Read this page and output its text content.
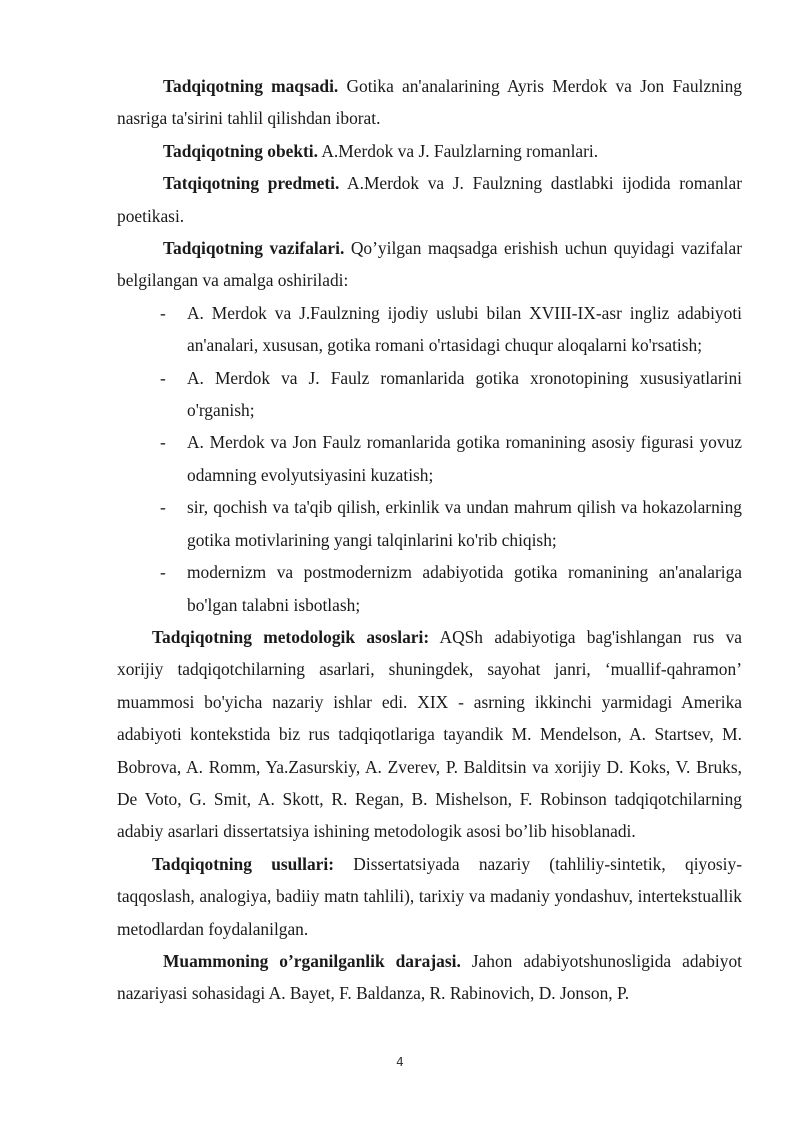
Tadqiqotning maqsadi. Gotika an'analarining Ayris Merdok va Jon Faulzning nasriga ta'sirini tahlil qilishdan iborat.

Tadqiqotning obekti. A.Merdok va J. Faulzlarning romanlari.

Tatqiqotning predmeti. A.Merdok va J. Faulzning dastlabki ijodida romanlar poetikasi.

Tadqiqotning vazifalari. Qo’yilgan maqsadga erishish uchun quyidagi vazifalar belgilangan va amalga oshiriladi:

- A. Merdok va J.Faulzning ijodiy uslubi bilan XVIII-IX-asr ingliz adabiyoti an'analari, xususan, gotika romani o'rtasidagi chuqur aloqalarni ko'rsatish;
- A. Merdok va J. Faulz romanlarida gotika xronotopining xususiyatlarini o'rganish;
- A. Merdok va Jon Faulz romanlarida gotika romanining asosiy figurasi yovuz odamning evolyutsiyasini kuzatish;
- sir, qochish va ta'qib qilish, erkinlik va undan mahrum qilish va hokazolarning gotika motivlarining yangi talqinlarini ko'rib chiqish;
- modernizm va postmodernizm adabiyotida gotika romanining an'analariga bo'lgan talabni isbotlash;

Tadqiqotning metodologik asoslari: AQSh adabiyotiga bag'ishlangan rus va xorijiy tadqiqotchilarning asarlari, shuningdek, sayohat janri, ‘muallif-qahramon’ muammosi bo'yicha nazariy ishlar edi. XIX - asrning ikkinchi yarmidagi Amerika adabiyoti kontekstida biz rus tadqiqotlariga tayandik M. Mendelson, A. Startsev, M. Bobrova, A. Romm, Ya.Zasurskiy, A. Zverev, P. Balditsin va xorijiy D. Koks, V. Bruks, De Voto, G. Smit, A. Skott, R. Regan, B. Mishelson, F. Robinson tadqiqotchilarning adabiy asarlari dissertatsiya ishining metodologik asosi bo’lib hisoblanadi.

Tadqiqotning usullari: Dissertatsiyada nazariy (tahliliy-sintetik, qiyosiy-taqqoslash, analogiya, badiiy matn tahlili), tarixiy va madaniy yondashuv, intertekstuallik metodlardan foydalanilgan.

Muammoning o’rganilganlik darajasi. Jahon adabiyotshunosligida adabiyot nazariyasi sohasidagi A. Bayet, F. Baldanza, R. Rabinovich, D. Jonson, P.

4
